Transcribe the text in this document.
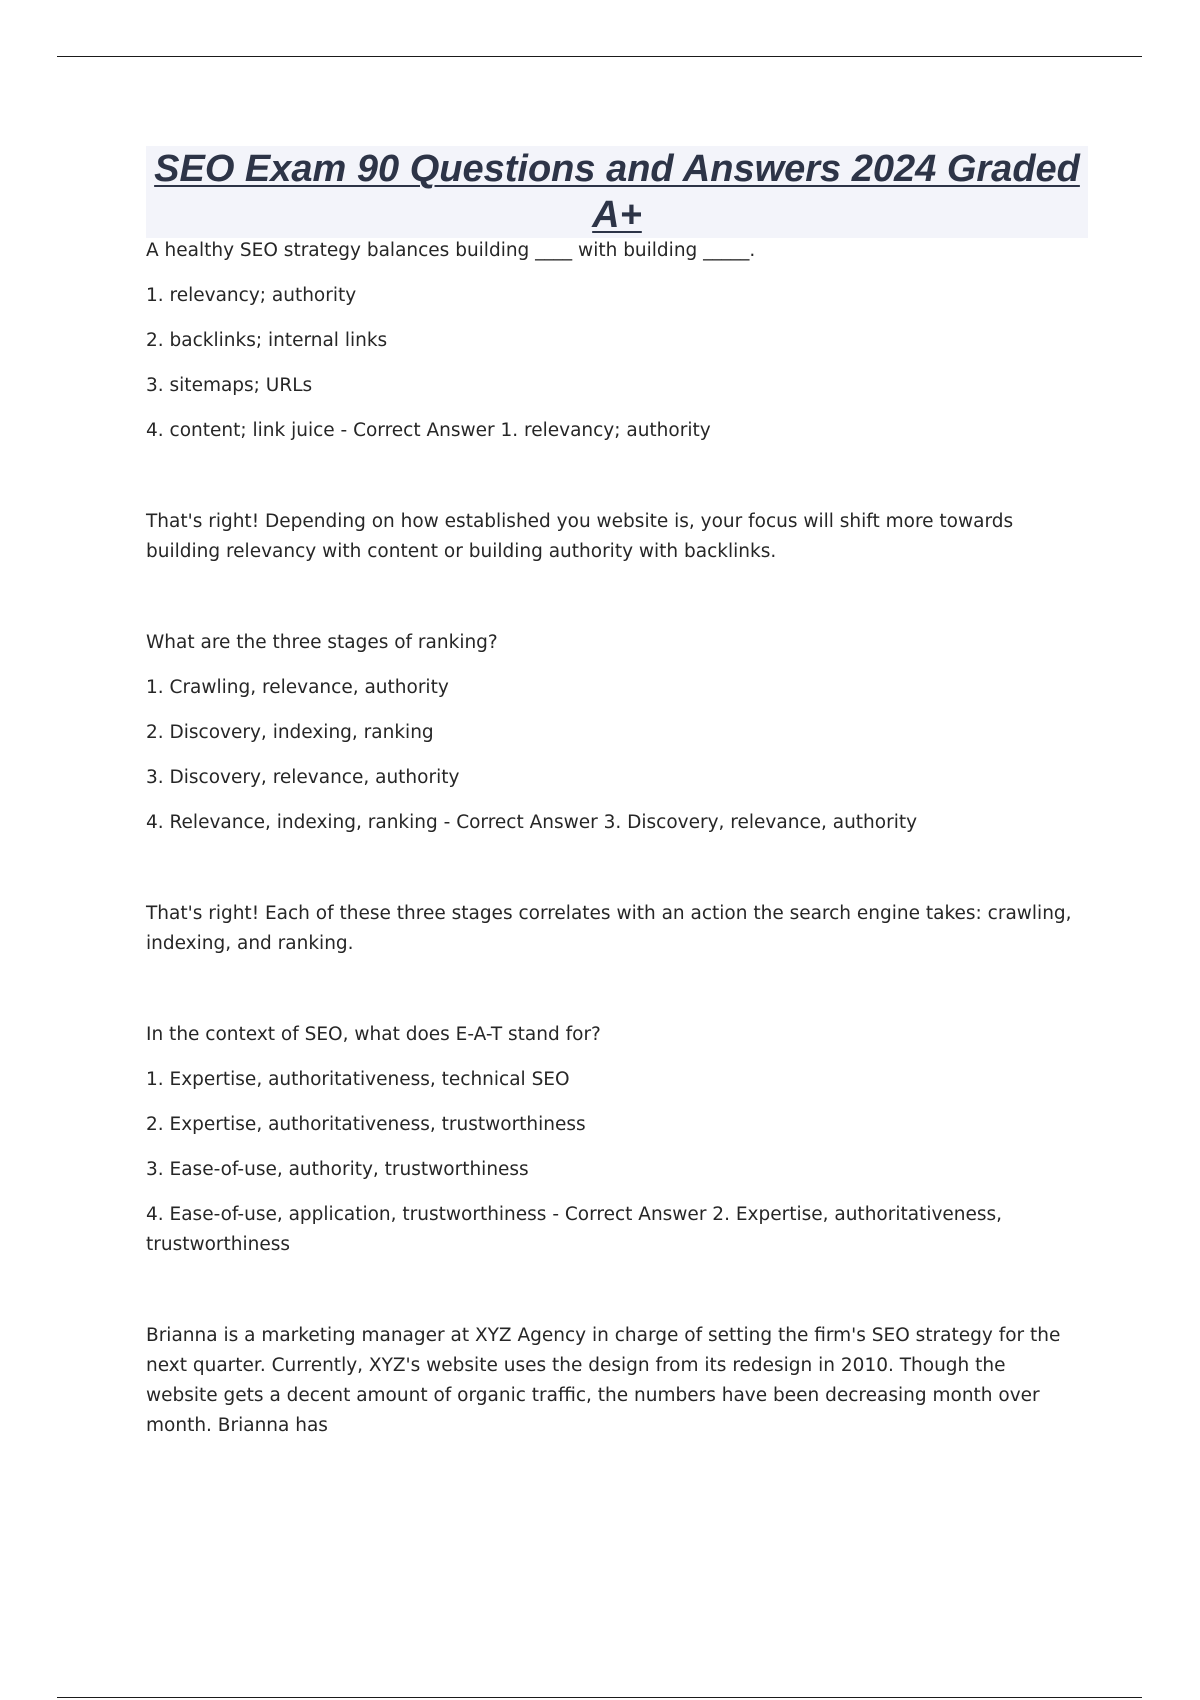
SEO Exam 90 Questions and Answers 2024 Graded A+

A healthy SEO strategy balances building ____ with building _____.

1. relevancy; authority

2. backlinks; internal links

3. sitemaps; URLs

4. content; link juice - Correct Answer 1. relevancy; authority

That's right! Depending on how established you website is, your focus will shift more towards building relevancy with content or building authority with backlinks.

What are the three stages of ranking?

1. Crawling, relevance, authority

2. Discovery, indexing, ranking

3. Discovery, relevance, authority

4. Relevance, indexing, ranking - Correct Answer 3. Discovery, relevance, authority

That's right! Each of these three stages correlates with an action the search engine takes: crawling, indexing, and ranking.

In the context of SEO, what does E-A-T stand for?

1. Expertise, authoritativeness, technical SEO

2. Expertise, authoritativeness, trustworthiness

3. Ease-of-use, authority, trustworthiness

4. Ease-of-use, application, trustworthiness - Correct Answer 2. Expertise, authoritativeness, trustworthiness

Brianna is a marketing manager at XYZ Agency in charge of setting the firm's SEO strategy for the next quarter. Currently, XYZ's website uses the design from its redesign in 2010. Though the website gets a decent amount of organic traffic, the numbers have been decreasing month over month. Brianna has
